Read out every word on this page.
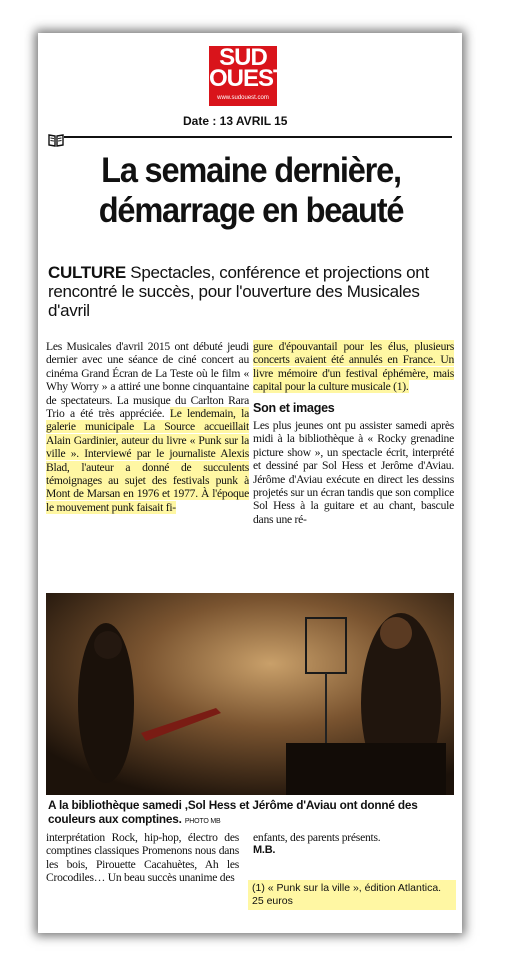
SUD
OUEST
www.sudouest.com
Date : 13 AVRIL 15
La semaine dernière,
démarrage en beauté
CULTURE Spectacles, conférence et projections ont rencontré le succès, pour l'ouverture des Musicales d'avril

Les Musicales d'avril 2015 ont débuté jeudi dernier avec une séance de ciné concert au cinéma Grand Écran de La Teste où le film « Why Worry » a attiré une bonne cinquantaine de spectateurs. La musique du Carlton Rara Trio a été très appréciée. Le lendemain, la galerie municipale La Source accueillait Alain Gardinier, auteur du livre « Punk sur la ville ». Interviewé par le journaliste Alexis Blad, l'auteur a donné de succulents témoignages au sujet des festivals punk à Mont de Marsan en 1976 et 1977. À l'époque le mouvement punk faisait fi-

gure d'épouvantail pour les élus, plusieurs concerts avaient été annulés en France. Un livre mémoire d'un festival éphémère, mais capital pour la culture musicale (1).

Son et images

Les plus jeunes ont pu assister samedi après midi à la bibliothèque à « Rocky grenadine picture show », un spectacle écrit, interprété et dessiné par Sol Hess et Jerôme d'Aviau. Jérôme d'Aviau exécute en direct les dessins projetés sur un écran tandis que son complice Sol Hess à la guitare et au chant, bascule dans une ré-

A la bibliothèque samedi ,Sol Hess et Jérôme d'Aviau ont donné des couleurs aux comptines. PHOTO MB

interprétation Rock, hip-hop, électro des comptines classiques Promenons nous dans les bois, Pirouette Cacahuètes, Ah les Crocodiles… Un beau succès unanime des

enfants, des parents présents.

M.B.
(1) « Punk sur la ville », édition Atlantica. 25 euros
